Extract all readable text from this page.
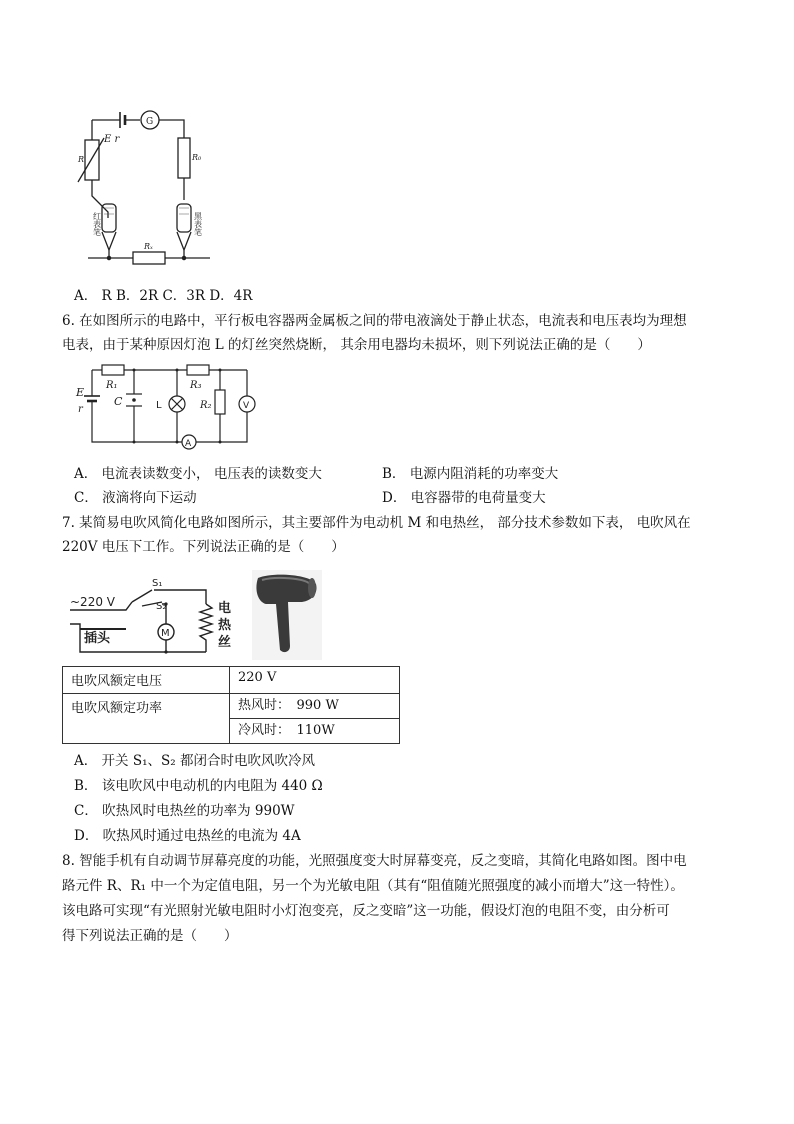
E r
G
R'	R₀
Rₓ
红表笔	黑表笔
A． R B．2R C．3R D．4R
6. 在如图所示的电路中，平行板电容器两金属板之间的带电液滴处于静止状态，电流表和电压表均为理想
电表，由于某种原因灯泡 L 的灯丝突然烧断， 其余用电器均未损坏，则下列说法正确的是（　　）
E
r
R₁	R₃
R₂
C	L	V
A
A． 电流表读数变小， 电压表的读数变大	B． 电源内阻消耗的功率变大
C． 液滴将向下运动	D． 电容器带的电荷量变大
7. 某简易电吹风简化电路如图所示，其主要部件为电动机 M 和电热丝， 部分技术参数如下表， 电吹风在
220V 电压下工作。下列说法正确的是（　　）
~220 V
S₁
S₂
插头	M
电
热
丝
电吹风额定电压	220 V
电吹风额定功率	热风时：　990 W
冷风时：　110W
A． 开关 S₁、S₂ 都闭合时电吹风吹冷风
B． 该电吹风中电动机的内电阻为 440 Ω
C． 吹热风时电热丝的功率为 990W
D． 吹热风时通过电热丝的电流为 4A
8. 智能手机有自动调节屏幕亮度的功能，光照强度变大时屏幕变亮，反之变暗，其简化电路如图。图中电
路元件 R、R₁ 中一个为定值电阻，另一个为光敏电阻（其有“阻值随光照强度的减小而增大”这一特性）。
该电路可实现“有光照射光敏电阻时小灯泡变亮，反之变暗”这一功能，假设灯泡的电阻不变，由分析可
得下列说法正确的是（　　）
